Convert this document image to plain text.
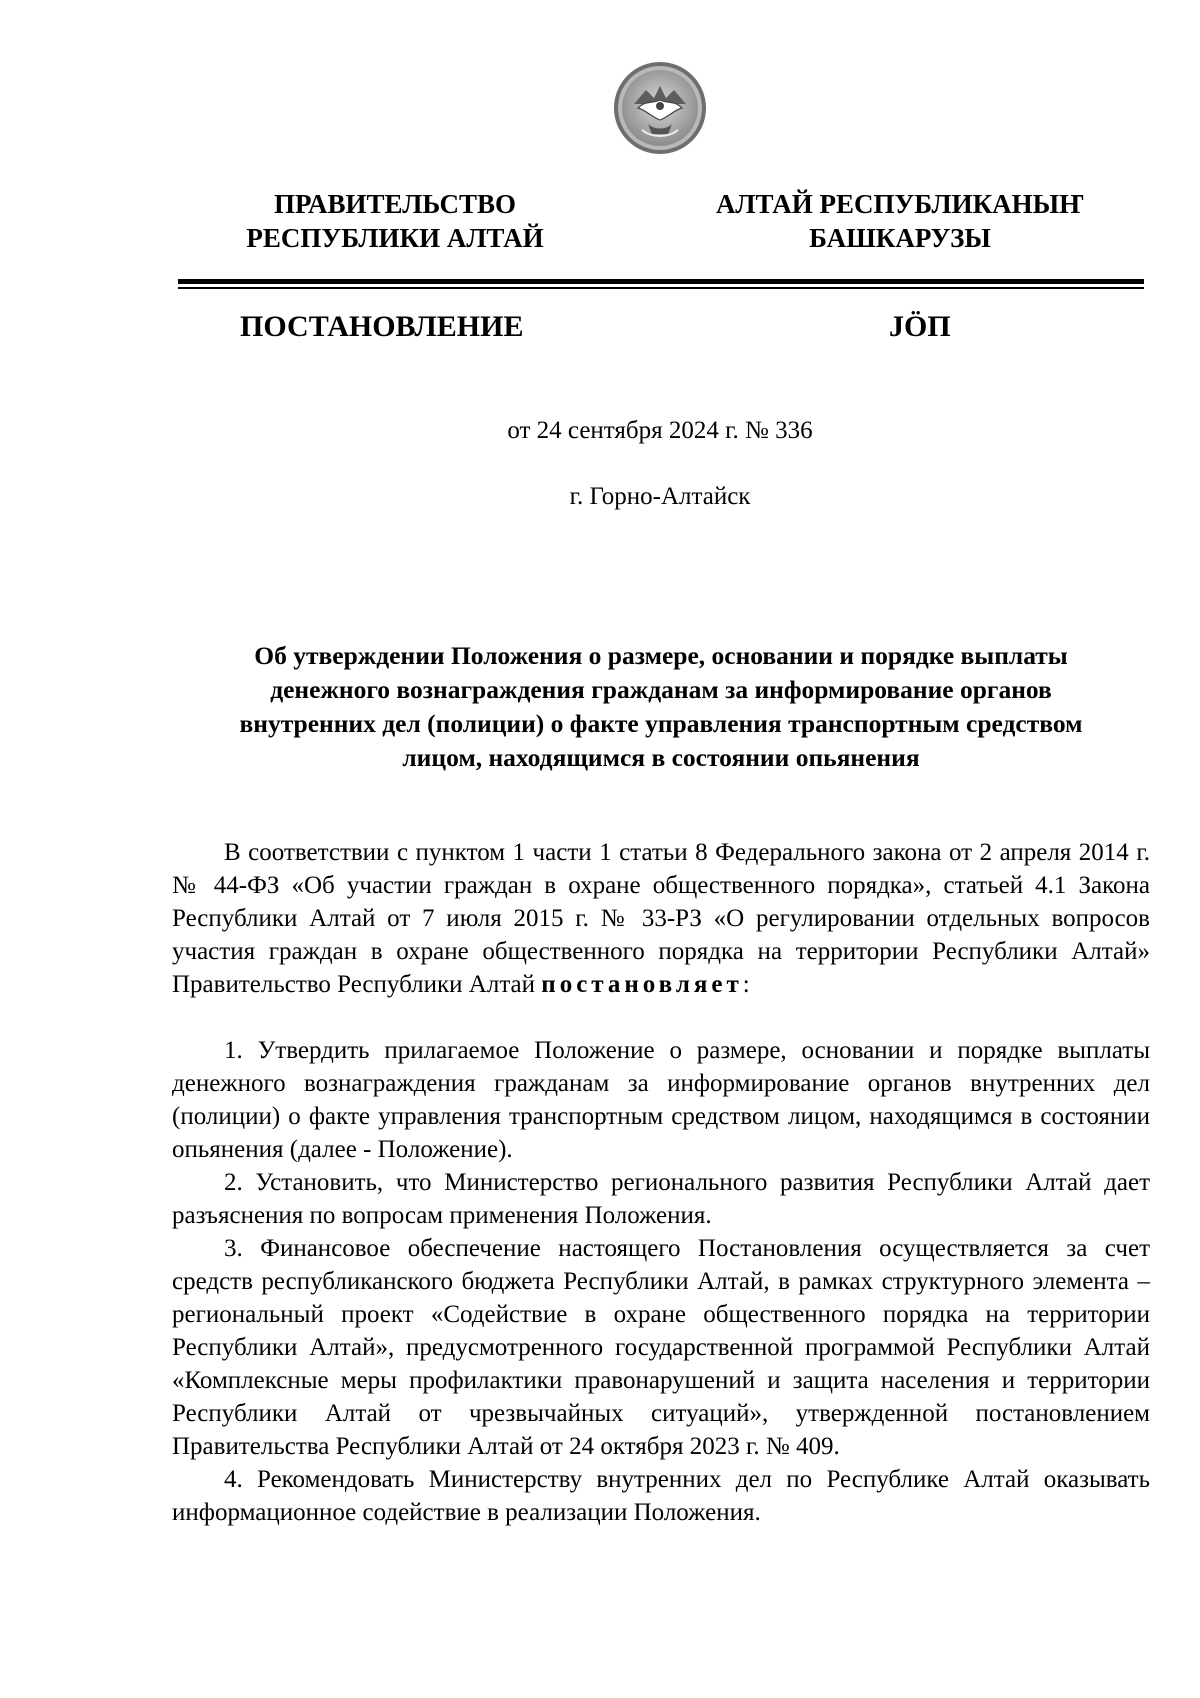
ПРАВИТЕЛЬСТВО
РЕСПУБЛИКИ АЛТАЙ
АЛТАЙ РЕСПУБЛИКАНЫҤ
БАШКАРУЗЫ
ПОСТАНОВЛЕНИЕ	JӦП
от 24 сентября 2024 г. № 336
г. Горно-Алтайск
Об утверждении Положения о размере, основании и порядке выплаты
денежного вознаграждения гражданам за информирование органов
внутренних дел (полиции) о факте управления транспортным средством
лицом, находящимся в состоянии опьянения

В соответствии с пунктом 1 части 1 статьи 8 Федерального закона от 2 апреля 2014 г. № 44-ФЗ «Об участии граждан в охране общественного порядка», статьей 4.1 Закона Республики Алтай от 7 июля 2015 г. № 33-РЗ «О регулировании отдельных вопросов участия граждан в охране общественного порядка на территории Республики Алтай» Правительство Республики Алтай постановляет:

1. Утвердить прилагаемое Положение о размере, основании и порядке выплаты денежного вознаграждения гражданам за информирование органов внутренних дел (полиции) о факте управления транспортным средством лицом, находящимся в состоянии опьянения (далее - Положение).

2. Установить, что Министерство регионального развития Республики Алтай дает разъяснения по вопросам применения Положения.

3. Финансовое обеспечение настоящего Постановления осуществляется за счет средств республиканского бюджета Республики Алтай, в рамках структурного элемента – региональный проект «Содействие в охране общественного порядка на территории Республики Алтай», предусмотренного государственной программой Республики Алтай «Комплексные меры профилактики правонарушений и защита населения и территории Республики Алтай от чрезвычайных ситуаций», утвержденной постановлением Правительства Республики Алтай от 24 октября 2023 г. № 409.

4. Рекомендовать Министерству внутренних дел по Республике Алтай оказывать информационное содействие в реализации Положения.
